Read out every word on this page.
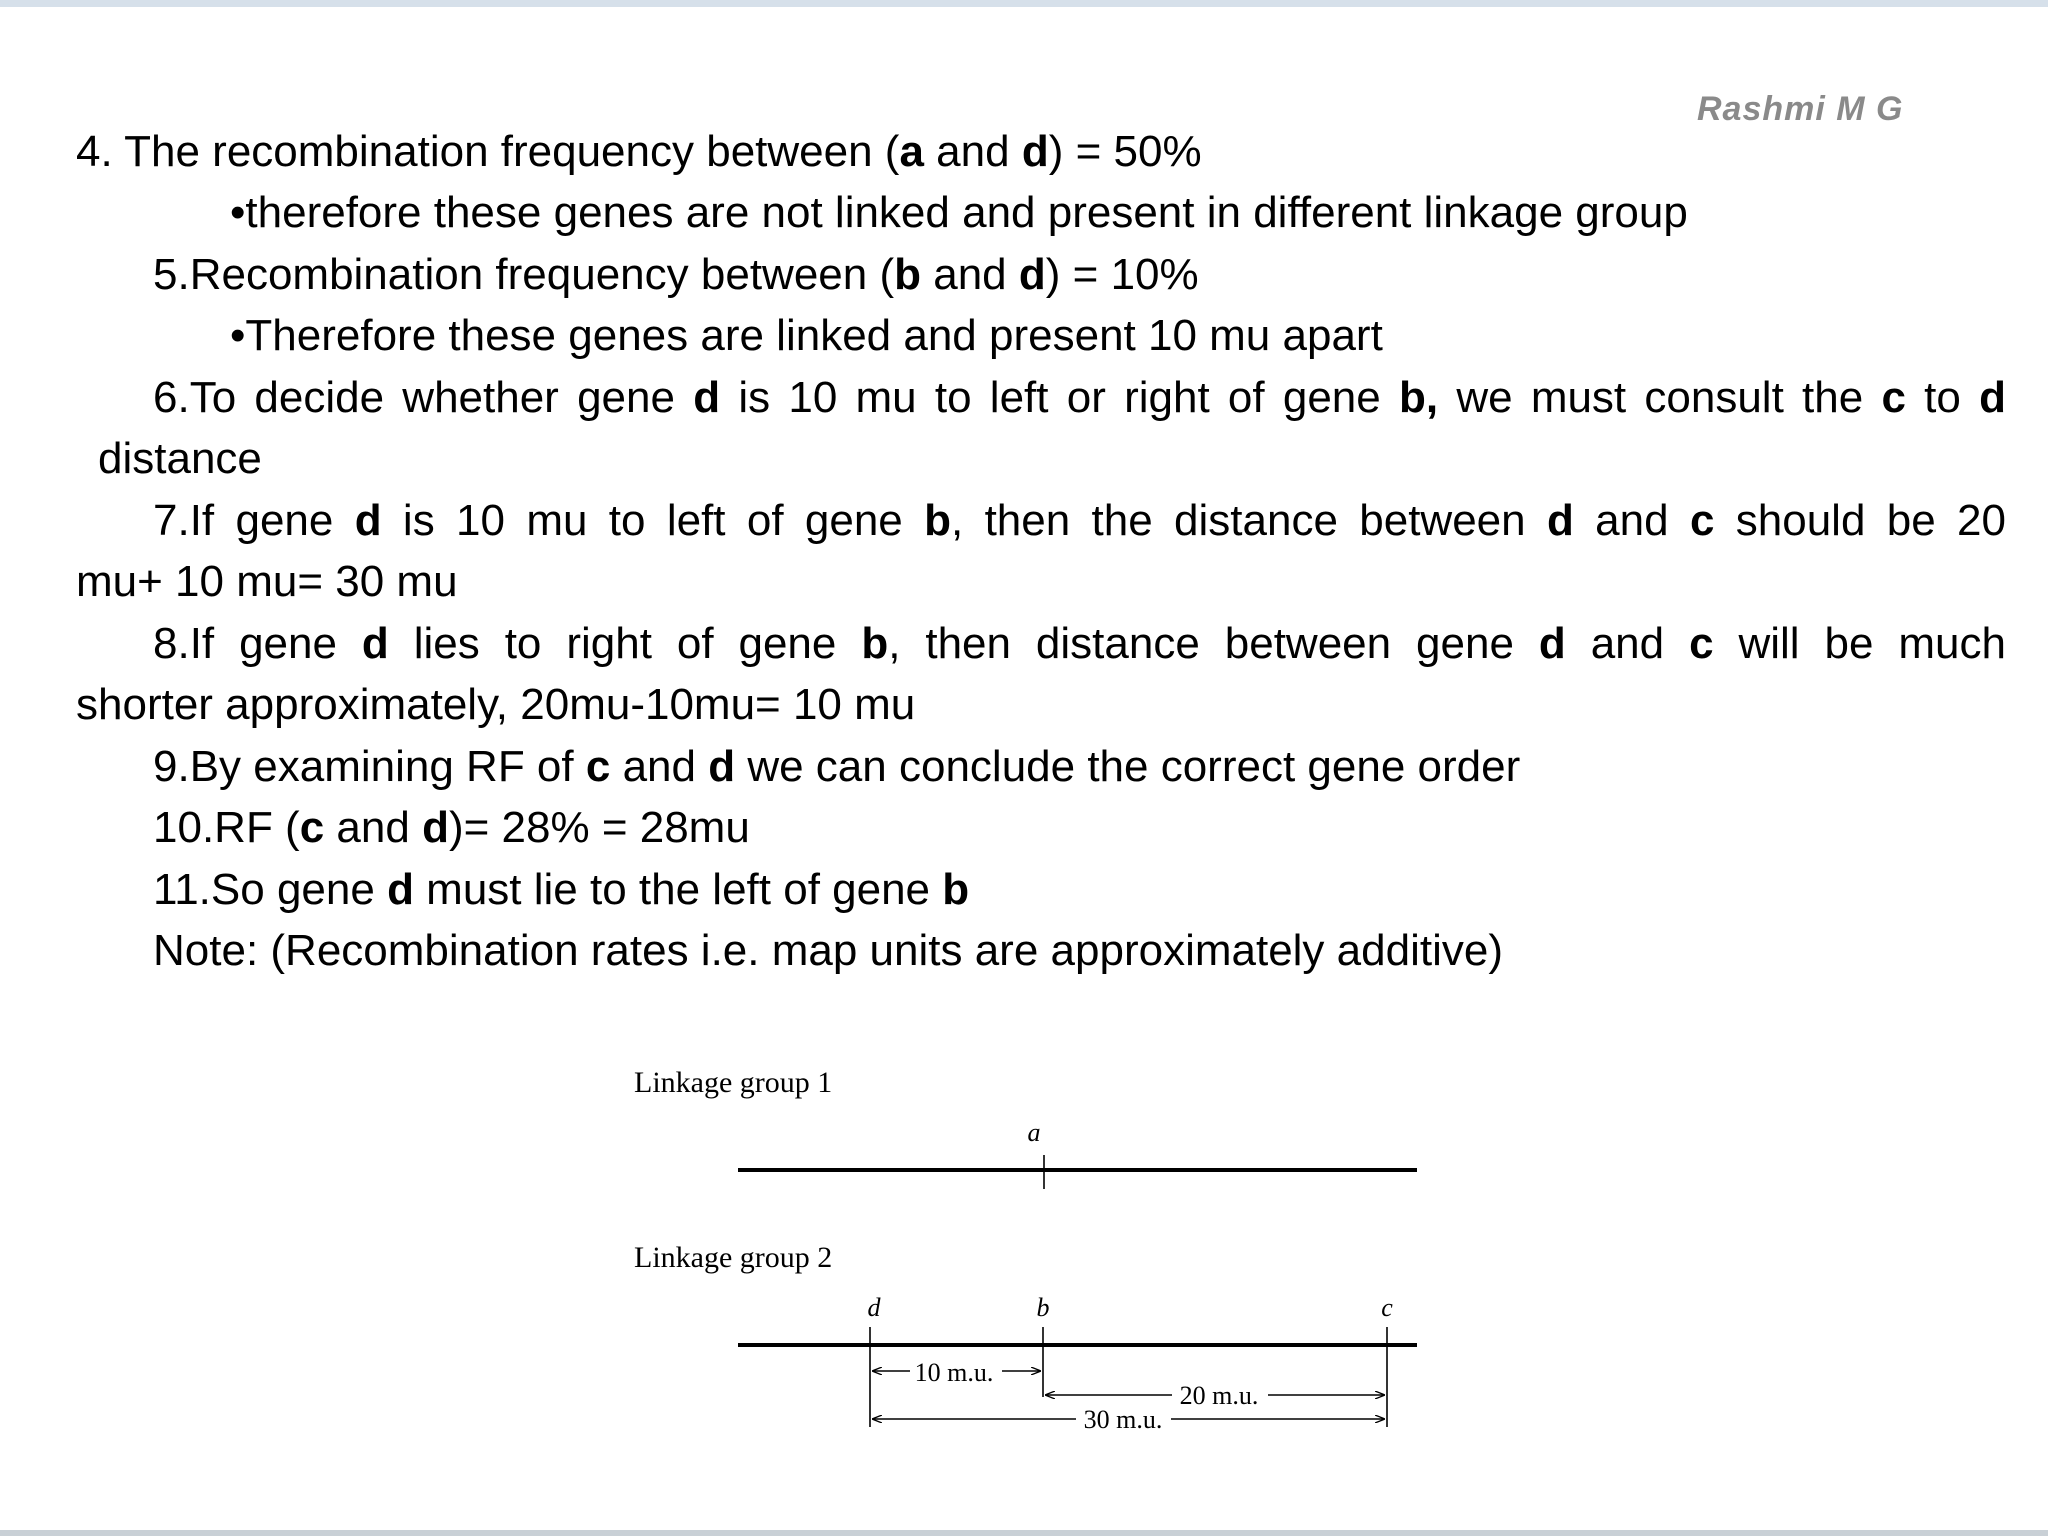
Rashmi M G
4. The recombination frequency between (a and d) = 50%
•therefore these genes are not linked and present in different linkage group
5.Recombination frequency between (b and d) = 10%
•Therefore these genes are linked and present 10 mu apart
6.To decide whether gene d is 10 mu to left or right of gene b, we must consult the c to d
distance
7.If gene d is 10 mu to left of gene b, then the distance between d and c should be 20
mu+ 10 mu= 30 mu
8.If gene d lies to right of gene b, then distance between gene d and c will be much
shorter approximately, 20mu-10mu= 10 mu
9.By examining RF of c and d we can conclude the correct gene order
10.RF (c and d)= 28% = 28mu
11.So gene d must lie to the left of gene b
Note: (Recombination rates i.e. map units are approximately additive)
Linkage group 1
a
Linkage group 2
d	b	c
10 m.u.
20 m.u.
30 m.u.
